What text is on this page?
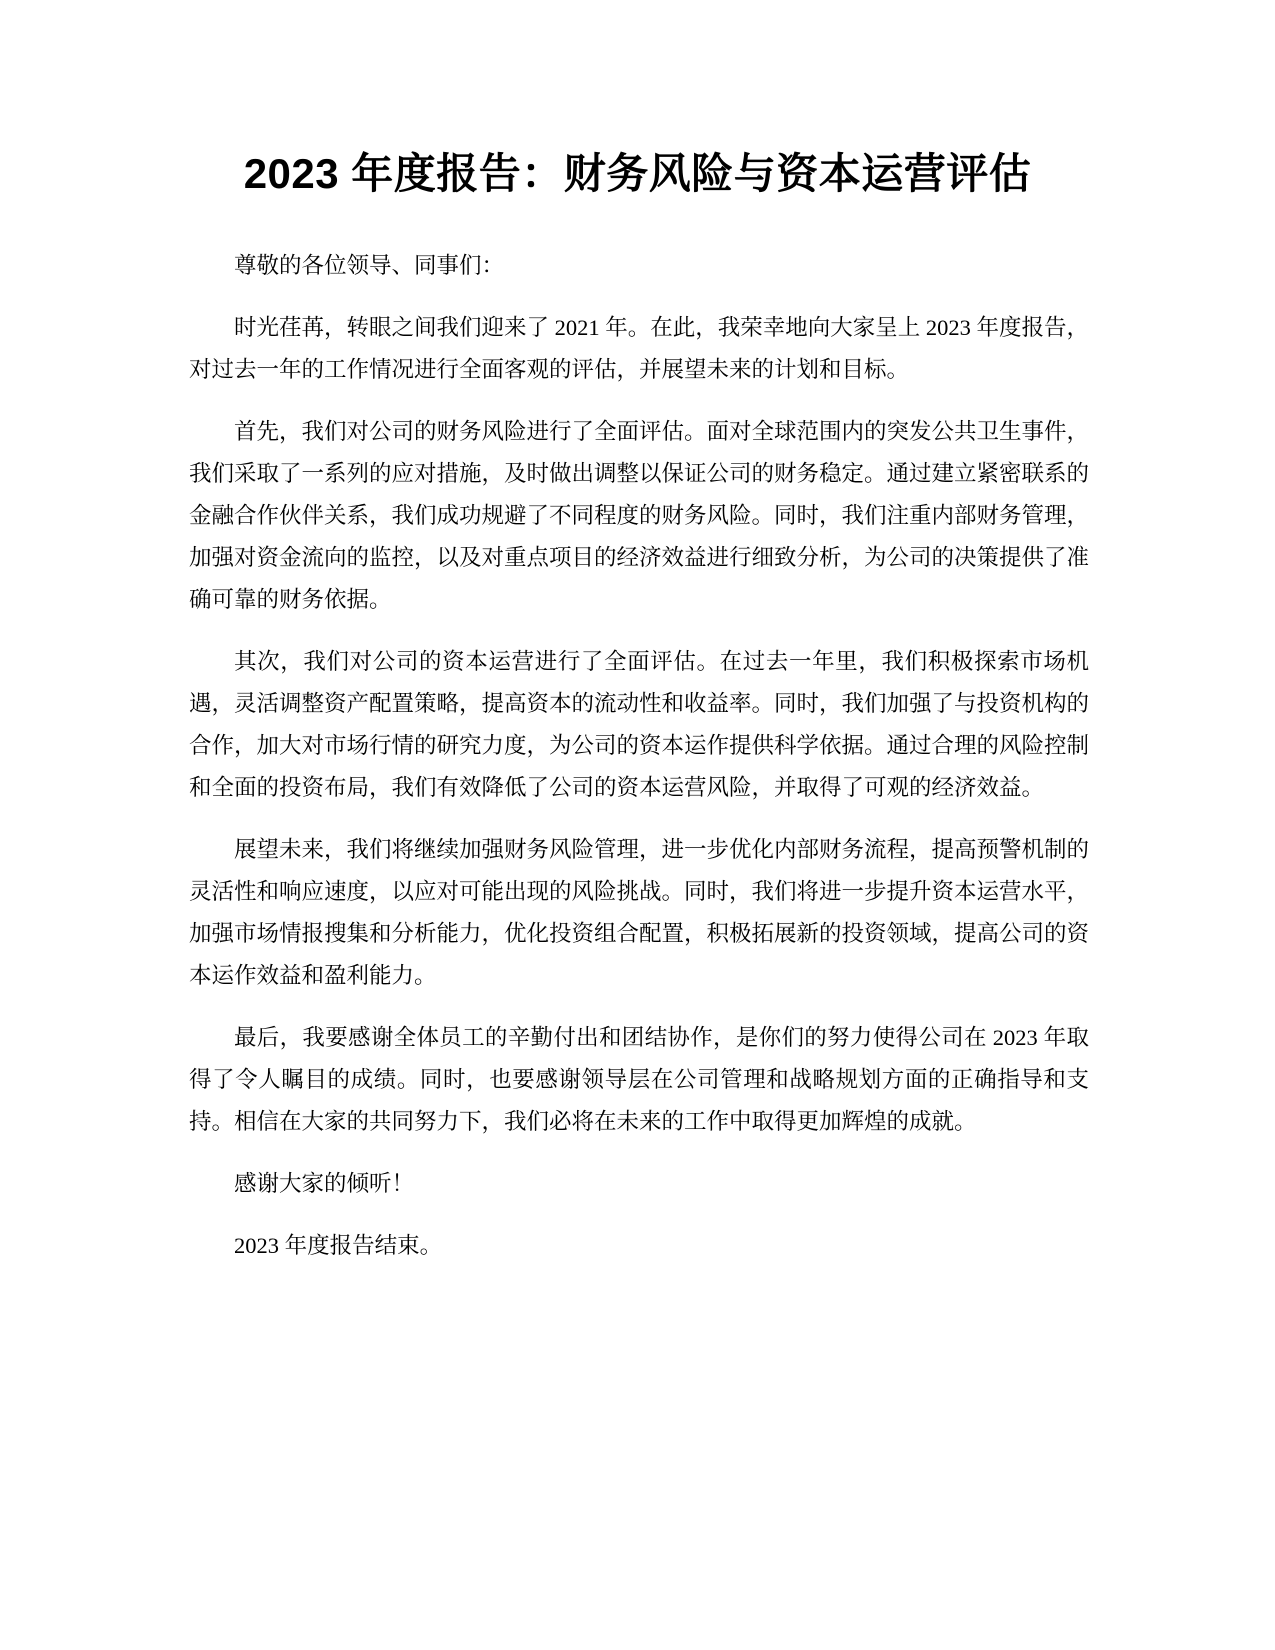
2023 年度报告：财务风险与资本运营评估

尊敬的各位领导、同事们：

时光荏苒，转眼之间我们迎来了 2021 年。在此，我荣幸地向大家呈上 2023 年度报告，对过去一年的工作情况进行全面客观的评估，并展望未来的计划和目标。

首先，我们对公司的财务风险进行了全面评估。面对全球范围内的突发公共卫生事件，我们采取了一系列的应对措施，及时做出调整以保证公司的财务稳定。通过建立紧密联系的金融合作伙伴关系，我们成功规避了不同程度的财务风险。同时，我们注重内部财务管理，加强对资金流向的监控，以及对重点项目的经济效益进行细致分析，为公司的决策提供了准确可靠的财务依据。

其次，我们对公司的资本运营进行了全面评估。在过去一年里，我们积极探索市场机遇，灵活调整资产配置策略，提高资本的流动性和收益率。同时，我们加强了与投资机构的合作，加大对市场行情的研究力度，为公司的资本运作提供科学依据。通过合理的风险控制和全面的投资布局，我们有效降低了公司的资本运营风险，并取得了可观的经济效益。

展望未来，我们将继续加强财务风险管理，进一步优化内部财务流程，提高预警机制的灵活性和响应速度，以应对可能出现的风险挑战。同时，我们将进一步提升资本运营水平，加强市场情报搜集和分析能力，优化投资组合配置，积极拓展新的投资领域，提高公司的资本运作效益和盈利能力。

最后，我要感谢全体员工的辛勤付出和团结协作，是你们的努力使得公司在 2023 年取得了令人瞩目的成绩。同时，也要感谢领导层在公司管理和战略规划方面的正确指导和支持。相信在大家的共同努力下，我们必将在未来的工作中取得更加辉煌的成就。

感谢大家的倾听！

2023 年度报告结束。
